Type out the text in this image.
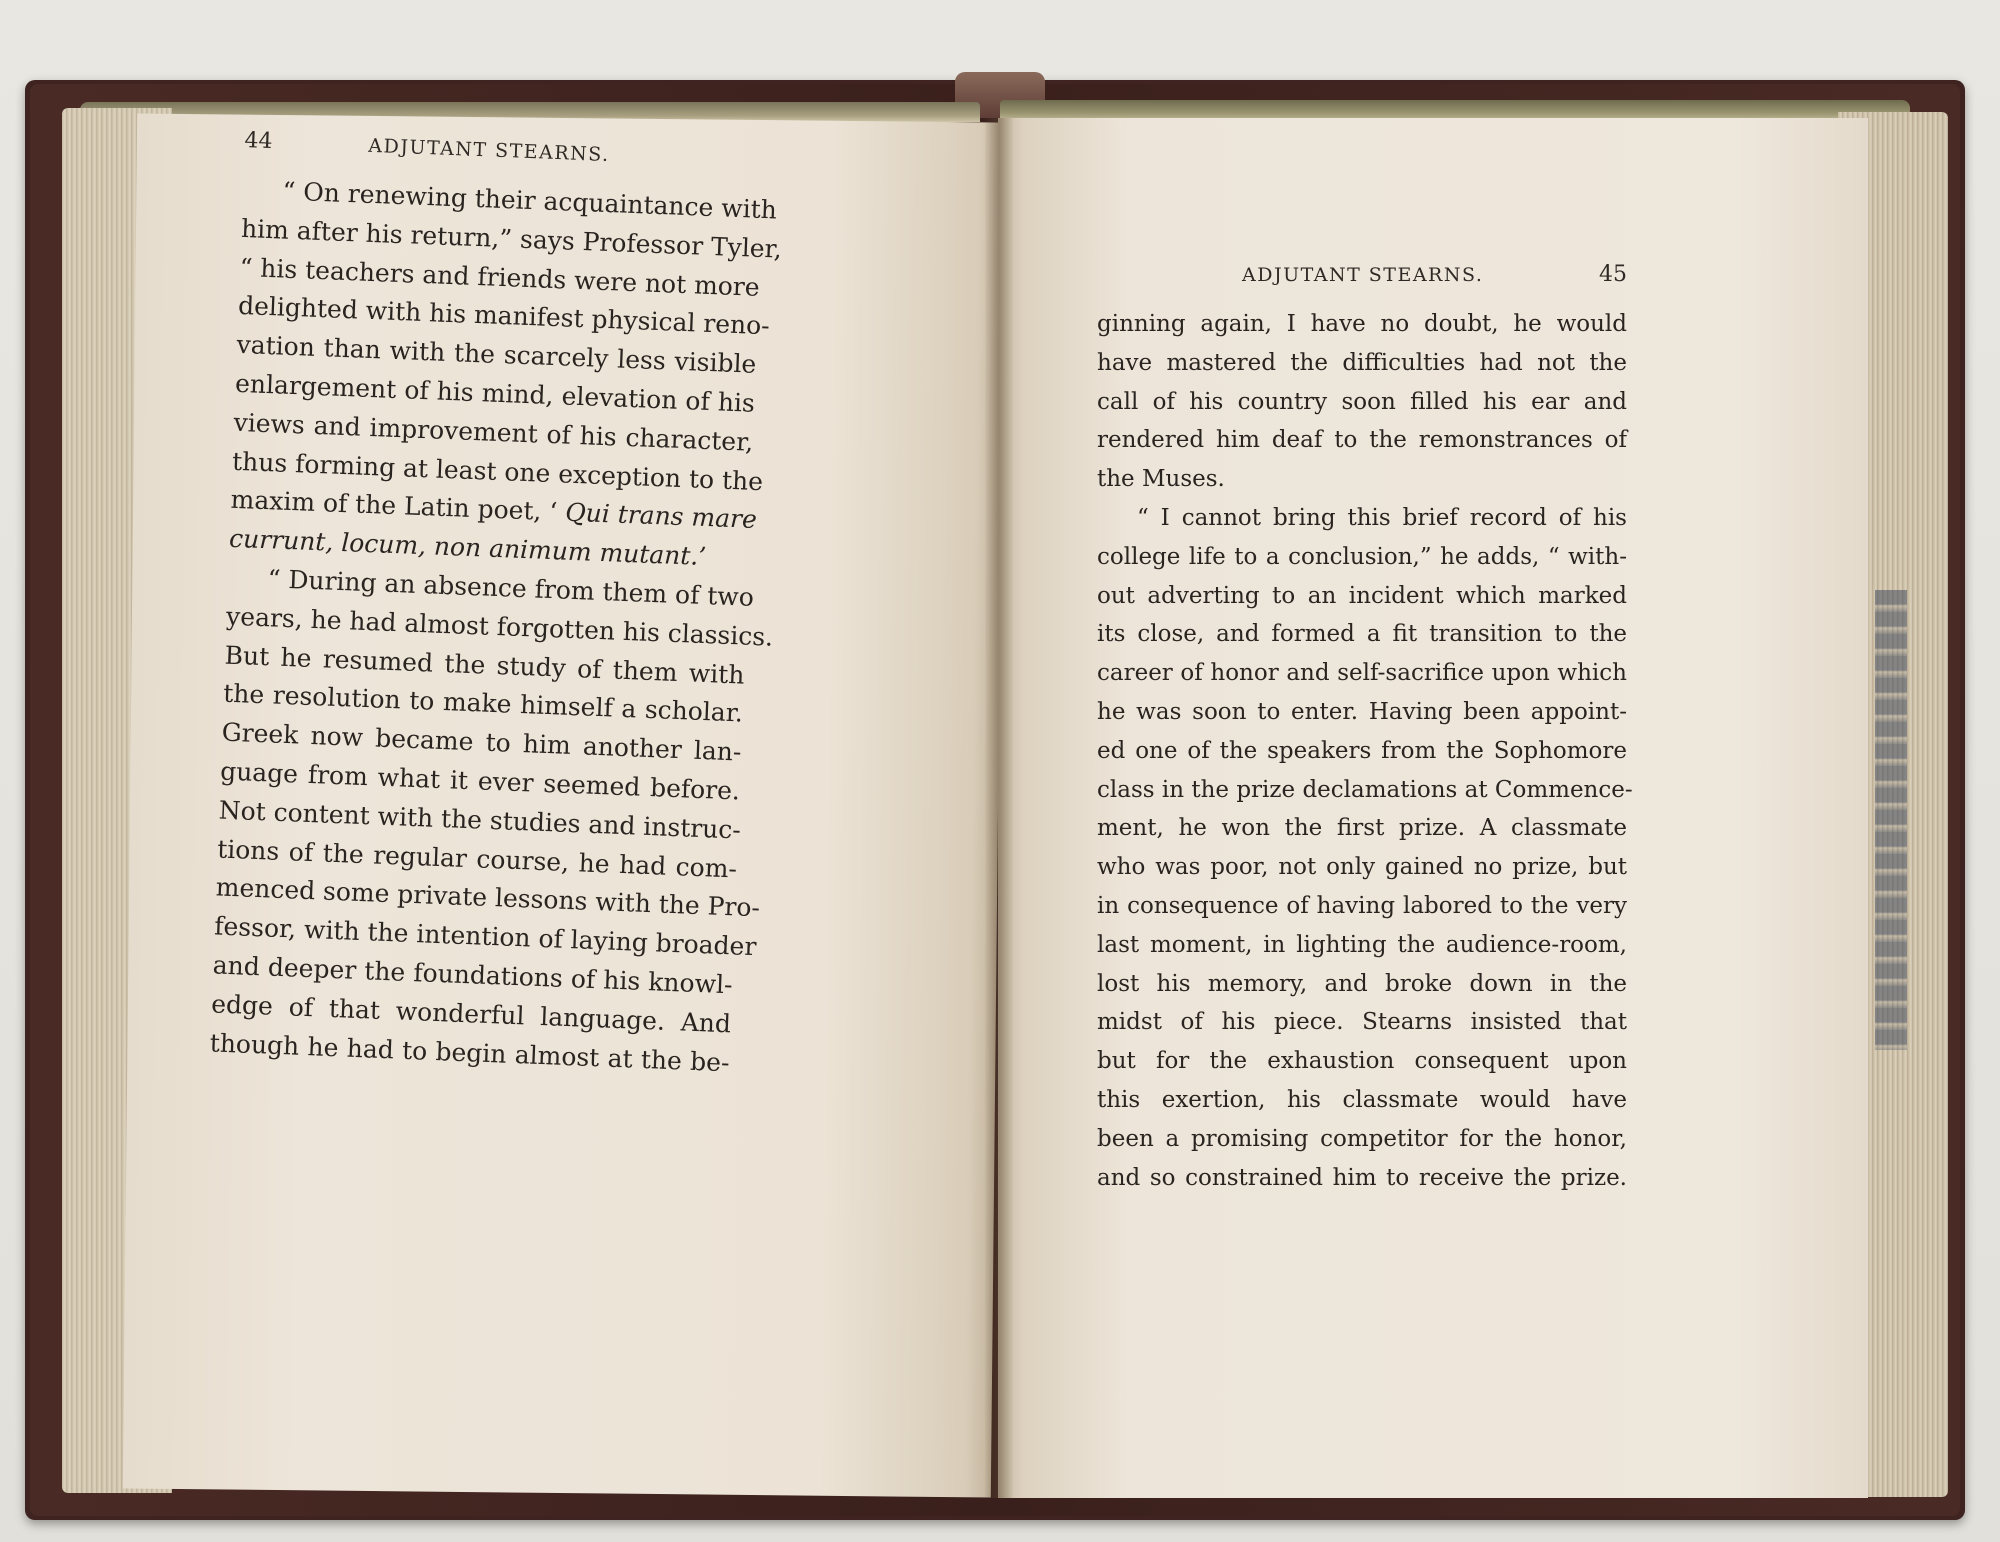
44	ADJUTANT STEARNS.
“ On renewing their acquaintance with
him after his return,” says Professor Tyler,
“ his teachers and friends were not more
delighted with his manifest physical reno-
vation than with the scarcely less visible
enlargement of his mind, elevation of his
views and improvement of his character,
thus forming at least one exception to the
maxim of the Latin poet, ‘ Qui trans mare
currunt, locum, non animum mutant.’
“ During an absence from them of two
years, he had almost forgotten his classics.
But he resumed the study of them with
the resolution to make himself a scholar.
Greek now became to him another lan-
guage from what it ever seemed before.
Not content with the studies and instruc-
tions of the regular course, he had com-
menced some private lessons with the Pro-
fessor, with the intention of laying broader
and deeper the foundations of his knowl-
edge of that wonderful language. And
though he had to begin almost at the be-
ADJUTANT STEARNS.	45
ginning again, I have no doubt, he would
have mastered the difficulties had not the
call of his country soon filled his ear and
rendered him deaf to the remonstrances of
the Muses.
“ I cannot bring this brief record of his
college life to a conclusion,” he adds, “ with-
out adverting to an incident which marked
its close, and formed a fit transition to the
career of honor and self-sacrifice upon which
he was soon to enter. Having been appoint-
ed one of the speakers from the Sophomore
class in the prize declamations at Commence-
ment, he won the first prize. A classmate
who was poor, not only gained no prize, but
in consequence of having labored to the very
last moment, in lighting the audience-room,
lost his memory, and broke down in the
midst of his piece. Stearns insisted that
but for the exhaustion consequent upon
this exertion, his classmate would have
been a promising competitor for the honor,
and so constrained him to receive the prize.
